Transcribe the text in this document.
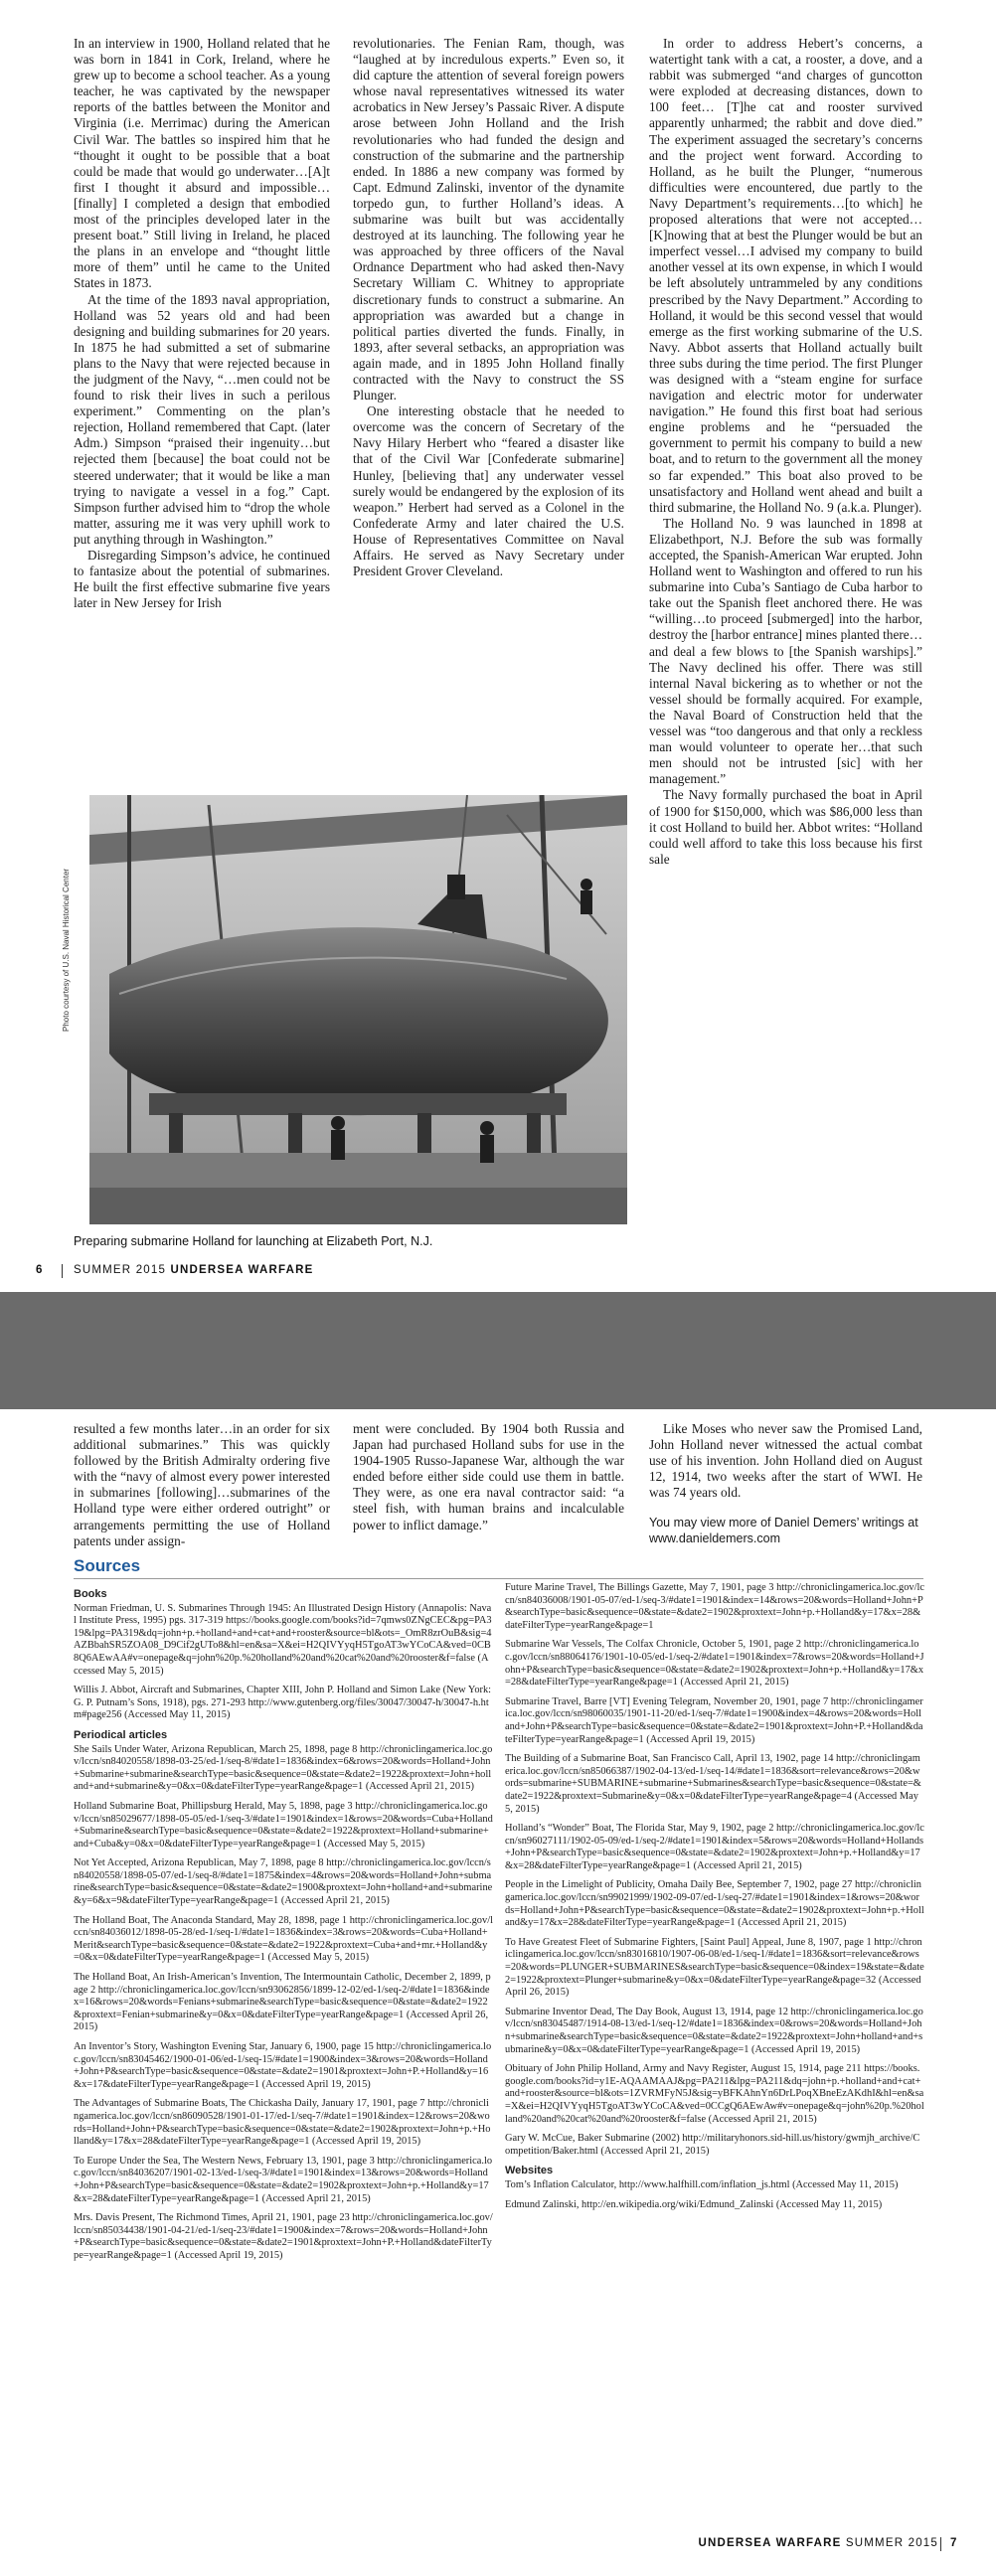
In an interview in 1900, Holland related that he was born in 1841 in Cork, Ireland, where he grew up to become a school teacher. As a young teacher, he was captivated by the newspaper reports of the battles between the Monitor and Virginia (i.e. Merrimac) during the American Civil War. The battles so inspired him that he “thought it ought to be possible that a boat could be made that would go underwater…[A]t first I thought it absurd and impossible…[finally] I completed a design that embodied most of the principles developed later in the present boat.” Still living in Ireland, he placed the plans in an envelope and “thought little more of them” until he came to the United States in 1873.

At the time of the 1893 naval appropriation, Holland was 52 years old and had been designing and building submarines for 20 years. In 1875 he had submitted a set of submarine plans to the Navy that were rejected because in the judgment of the Navy, “…men could not be found to risk their lives in such a perilous experiment.” Commenting on the plan’s rejection, Holland remembered that Capt. (later Adm.) Simpson “praised their ingenuity…but rejected them [because] the boat could not be steered underwater; that it would be like a man trying to navigate a vessel in a fog.” Capt. Simpson further advised him to “drop the whole matter, assuring me it was very uphill work to put anything through in Washington.”

Disregarding Simpson’s advice, he continued to fantasize about the potential of submarines. He built the first effective submarine five years later in New Jersey for Irish

revolutionaries. The Fenian Ram, though, was “laughed at by incredulous experts.” Even so, it did capture the attention of several foreign powers whose naval representatives witnessed its water acrobatics in New Jersey’s Passaic River. A dispute arose between John Holland and the Irish revolutionaries who had funded the design and construction of the submarine and the partnership ended. In 1886 a new company was formed by Capt. Edmund Zalinski, inventor of the dynamite torpedo gun, to further Holland’s ideas. A submarine was built but was accidentally destroyed at its launching. The following year he was approached by three officers of the Naval Ordnance Department who had asked then-Navy Secretary William C. Whitney to appropriate discretionary funds to construct a submarine. An appropriation was awarded but a change in political parties diverted the funds. Finally, in 1893, after several setbacks, an appropriation was again made, and in 1895 John Holland finally contracted with the Navy to construct the SS Plunger.

One interesting obstacle that he needed to overcome was the concern of Secretary of the Navy Hilary Herbert who “feared a disaster like that of the Civil War [Confederate submarine] Hunley, [believing that] any underwater vessel surely would be endangered by the explosion of its weapon.” Herbert had served as a Colonel in the Confederate Army and later chaired the U.S. House of Representatives Committee on Naval Affairs. He served as Navy Secretary under President Grover Cleveland.

In order to address Hebert’s concerns, a watertight tank with a cat, a rooster, a dove, and a rabbit was submerged “and charges of guncotton were exploded at decreasing distances, down to 100 feet… [T]he cat and rooster survived apparently unharmed; the rabbit and dove died.” The experiment assuaged the secretary’s concerns and the project went forward. According to Holland, as he built the Plunger, “numerous difficulties were encountered, due partly to the Navy Department’s requirements…[to which] he proposed alterations that were not accepted… [K]nowing that at best the Plunger would be but an imperfect vessel…I advised my company to build another vessel at its own expense, in which I would be left absolutely untrammeled by any conditions prescribed by the Navy Department.” According to Holland, it would be this second vessel that would emerge as the first working submarine of the U.S. Navy. Abbot asserts that Holland actually built three subs during the time period. The first Plunger was designed with a “steam engine for surface navigation and electric motor for underwater navigation.” He found this first boat had serious engine problems and he “persuaded the government to permit his company to build a new boat, and to return to the government all the money so far expended.” This boat also proved to be unsatisfactory and Holland went ahead and built a third submarine, the Holland No. 9 (a.k.a. Plunger).

The Holland No. 9 was launched in 1898 at Elizabethport, N.J. Before the sub was formally accepted, the Spanish-American War erupted. John Holland went to Washington and offered to run his submarine into Cuba’s Santiago de Cuba harbor to take out the Spanish fleet anchored there. He was “willing…to proceed [submerged] into the harbor, destroy the [harbor entrance] mines planted there…and deal a few blows to [the Spanish warships].” The Navy declined his offer. There was still internal Naval bickering as to whether or not the vessel should be formally acquired. For example, the Naval Board of Construction held that the vessel was “too dangerous and that only a reckless man would volunteer to operate her…that such men should not be intrusted [sic] with her management.”

The Navy formally purchased the boat in April of 1900 for $150,000, which was $86,000 less than it cost Holland to build her. Abbot writes: “Holland could well afford to take this loss because his first sale

Photo courtesy of U.S. Naval Historical Center
Preparing submarine Holland for launching at Elizabeth Port, N.J.
6	SUMMER 2015 UNDERSEA WARFARE

resulted a few months later…in an order for six additional submarines.” This was quickly followed by the British Admiralty ordering five with the “navy of almost every power interested in submarines [following]…submarines of the Holland type were either ordered outright” or arrangements permitting the use of Holland patents under assign-

ment were concluded. By 1904 both Russia and Japan had purchased Holland subs for use in the 1904-1905 Russo-Japanese War, although the war ended before either side could use them in battle. They were, as one era naval contractor said: “a steel fish, with human brains and incalculable power to inflict damage.”

Like Moses who never saw the Promised Land, John Holland never witnessed the actual combat use of his invention. John Holland died on August 12, 1914, two weeks after the start of WWI. He was 74 years old.

You may view more of Daniel Demers’ writings at www.danieldemers.com
Sources
Books
Norman Friedman, U. S. Submarines Through 1945: An Illustrated Design History (Annapolis: Naval Institute Press, 1995) pgs. 317-319 https://books.google.com/books?id=7qmws0ZNgCEC&pg=PA319&lpg=PA319&dq=john+p.+holland+and+cat+and+rooster&source=bl&ots=_OmR8zrOuB&sig=4AZBbahSR5ZOA08_D9Cif2gUTo8&hl=en&sa=X&ei=H2QIVYyqH5TgoAT3wYCoCA&ved=0CB8Q6AEwAA#v=onepage&q=john%20p.%20holland%20and%20cat%20and%20rooster&f=false (Accessed May 5, 2015)
Willis J. Abbot, Aircraft and Submarines, Chapter XIII, John P. Holland and Simon Lake (New York: G. P. Putnam’s Sons, 1918), pgs. 271-293 http://www.gutenberg.org/files/30047/30047-h/30047-h.htm#page256 (Accessed May 11, 2015)
Periodical articles
She Sails Under Water, Arizona Republican, March 25, 1898, page 8 http://chroniclingamerica.loc.gov/lccn/sn84020558/1898-03-25/ed-1/seq-8/#date1=1836&index=6&rows=20&words=Holland+John+Submarine+submarine&searchType=basic&sequence=0&state=&date2=1922&proxtext=John+holland+and+submarine&y=0&x=0&dateFilterType=yearRange&page=1 (Accessed April 21, 2015)
Holland Submarine Boat, Phillipsburg Herald, May 5, 1898, page 3 http://chroniclingamerica.loc.gov/lccn/sn85029677/1898-05-05/ed-1/seq-3/#date1=1901&index=1&rows=20&words=Cuba+Holland+Submarine&searchType=basic&sequence=0&state=&date2=1922&proxtext=Holland+submarine+and+Cuba&y=0&x=0&dateFilterType=yearRange&page=1 (Accessed May 5, 2015)
Not Yet Accepted, Arizona Republican, May 7, 1898, page 8 http://chroniclingamerica.loc.gov/lccn/sn84020558/1898-05-07/ed-1/seq-8/#date1=1875&index=4&rows=20&words=Holland+John+submarine&searchType=basic&sequence=0&state=&date2=1900&proxtext=John+holland+and+submarine&y=6&x=9&dateFilterType=yearRange&page=1 (Accessed April 21, 2015)
The Holland Boat, The Anaconda Standard, May 28, 1898, page 1 http://chroniclingamerica.loc.gov/lccn/sn84036012/1898-05-28/ed-1/seq-1/#date1=1836&index=3&rows=20&words=Cuba+Holland+Merit&searchType=basic&sequence=0&state=&date2=1922&proxtext=Cuba+and+mr.+Holland&y=0&x=0&dateFilterType=yearRange&page=1 (Accessed May 5, 2015)
The Holland Boat, An Irish-American’s Invention, The Intermountain Catholic, December 2, 1899, page 2 http://chroniclingamerica.loc.gov/lccn/sn93062856/1899-12-02/ed-1/seq-2/#date1=1836&index=16&rows=20&words=Fenians+submarine&searchType=basic&sequence=0&state=&date2=1922&proxtext=Fenian+submarine&y=0&x=0&dateFilterType=yearRange&page=1 (Accessed April 26, 2015)
An Inventor’s Story, Washington Evening Star, January 6, 1900, page 15 http://chroniclingamerica.loc.gov/lccn/sn83045462/1900-01-06/ed-1/seq-15/#date1=1900&index=3&rows=20&words=Holland+John+P&searchType=basic&sequence=0&state=&date2=1901&proxtext=John+P.+Holland&y=16&x=17&dateFilterType=yearRange&page=1 (Accessed April 19, 2015)
The Advantages of Submarine Boats, The Chickasha Daily, January 17, 1901, page 7 http://chroniclingamerica.loc.gov/lccn/sn86090528/1901-01-17/ed-1/seq-7/#date1=1901&index=12&rows=20&words=Holland+John+P&searchType=basic&sequence=0&state=&date2=1902&proxtext=John+p.+Holland&y=17&x=28&dateFilterType=yearRange&page=1 (Accessed April 19, 2015)
To Europe Under the Sea, The Western News, February 13, 1901, page 3 http://chroniclingamerica.loc.gov/lccn/sn84036207/1901-02-13/ed-1/seq-3/#date1=1901&index=13&rows=20&words=Holland+John+P&searchType=basic&sequence=0&state=&date2=1902&proxtext=John+p.+Holland&y=17&x=28&dateFilterType=yearRange&page=1 (Accessed April 21, 2015)
Mrs. Davis Present, The Richmond Times, April 21, 1901, page 23 http://chroniclingamerica.loc.gov/lccn/sn85034438/1901-04-21/ed-1/seq-23/#date1=1900&index=7&rows=20&words=Holland+John+P&searchType=basic&sequence=0&state=&date2=1901&proxtext=John+P.+Holland&dateFilterType=yearRange&page=1 (Accessed April 19, 2015)
Future Marine Travel, The Billings Gazette, May 7, 1901, page 3 http://chroniclingamerica.loc.gov/lccn/sn84036008/1901-05-07/ed-1/seq-3/#date1=1901&index=14&rows=20&words=Holland+John+P&searchType=basic&sequence=0&state=&date2=1902&proxtext=John+p.+Holland&y=17&x=28&dateFilterType=yearRange&page=1
Submarine War Vessels, The Colfax Chronicle, October 5, 1901, page 2 http://chroniclingamerica.loc.gov/lccn/sn88064176/1901-10-05/ed-1/seq-2/#date1=1901&index=7&rows=20&words=Holland+John+P&searchType=basic&sequence=0&state=&date2=1902&proxtext=John+p.+Holland&y=17&x=28&dateFilterType=yearRange&page=1 (Accessed April 21, 2015)
Submarine Travel, Barre [VT] Evening Telegram, November 20, 1901, page 7 http://chroniclingamerica.loc.gov/lccn/sn98060035/1901-11-20/ed-1/seq-7/#date1=1900&index=4&rows=20&words=Holland+John+P&searchType=basic&sequence=0&state=&date2=1901&proxtext=John+P.+Holland&dateFilterType=yearRange&page=1 (Accessed April 19, 2015)
The Building of a Submarine Boat, San Francisco Call, April 13, 1902, page 14 http://chroniclingamerica.loc.gov/lccn/sn85066387/1902-04-13/ed-1/seq-14/#date1=1836&sort=relevance&rows=20&words=submarine+SUBMARINE+submarine+Submarines&searchType=basic&sequence=0&state=&date2=1922&proxtext=Submarine&y=0&x=0&dateFilterType=yearRange&page=4 (Accessed May 5, 2015)
Holland’s “Wonder” Boat, The Florida Star, May 9, 1902, page 2 http://chroniclingamerica.loc.gov/lccn/sn96027111/1902-05-09/ed-1/seq-2/#date1=1901&index=5&rows=20&words=Holland+Hollands+John+P&searchType=basic&sequence=0&state=&date2=1902&proxtext=John+p.+Holland&y=17&x=28&dateFilterType=yearRange&page=1 (Accessed April 21, 2015)
People in the Limelight of Publicity, Omaha Daily Bee, September 7, 1902, page 27 http://chroniclingamerica.loc.gov/lccn/sn99021999/1902-09-07/ed-1/seq-27/#date1=1901&index=1&rows=20&words=Holland+John+P&searchType=basic&sequence=0&state=&date2=1902&proxtext=John+p.+Holland&y=17&x=28&dateFilterType=yearRange&page=1 (Accessed April 21, 2015)
To Have Greatest Fleet of Submarine Fighters, [Saint Paul] Appeal, June 8, 1907, page 1 http://chroniclingamerica.loc.gov/lccn/sn83016810/1907-06-08/ed-1/seq-1/#date1=1836&sort=relevance&rows=20&words=PLUNGER+SUBMARINES&searchType=basic&sequence=0&index=19&state=&date2=1922&proxtext=Plunger+submarine&y=0&x=0&dateFilterType=yearRange&page=32 (Accessed April 26, 2015)
Submarine Inventor Dead, The Day Book, August 13, 1914, page 12 http://chroniclingamerica.loc.gov/lccn/sn83045487/1914-08-13/ed-1/seq-12/#date1=1836&index=0&rows=20&words=Holland+John+submarine&searchType=basic&sequence=0&state=&date2=1922&proxtext=John+holland+and+submarine&y=0&x=0&dateFilterType=yearRange&page=1 (Accessed April 19, 2015)
Obituary of John Philip Holland, Army and Navy Register, August 15, 1914, page 211 https://books.google.com/books?id=y1E-AQAAMAAJ&pg=PA211&lpg=PA211&dq=john+p.+holland+and+cat+and+rooster&source=bl&ots=1ZVRMFyN5J&sig=yBFKAhnYn6DrLPoqXBneEzAKdhI&hl=en&sa=X&ei=H2QIVYyqH5TgoAT3wYCoCA&ved=0CCgQ6AEwAw#v=onepage&q=john%20p.%20holland%20and%20cat%20and%20rooster&f=false (Accessed April 21, 2015)
Gary W. McCue, Baker Submarine (2002) http://militaryhonors.sid-hill.us/history/gwmjh_archive/Competition/Baker.html (Accessed April 21, 2015)
Websites
Tom’s Inflation Calculator, http://www.halfhill.com/inflation_js.html (Accessed May 11, 2015)
Edmund Zalinski, http://en.wikipedia.org/wiki/Edmund_Zalinski (Accessed May 11, 2015)
UNDERSEA WARFARE SUMMER 2015 7
